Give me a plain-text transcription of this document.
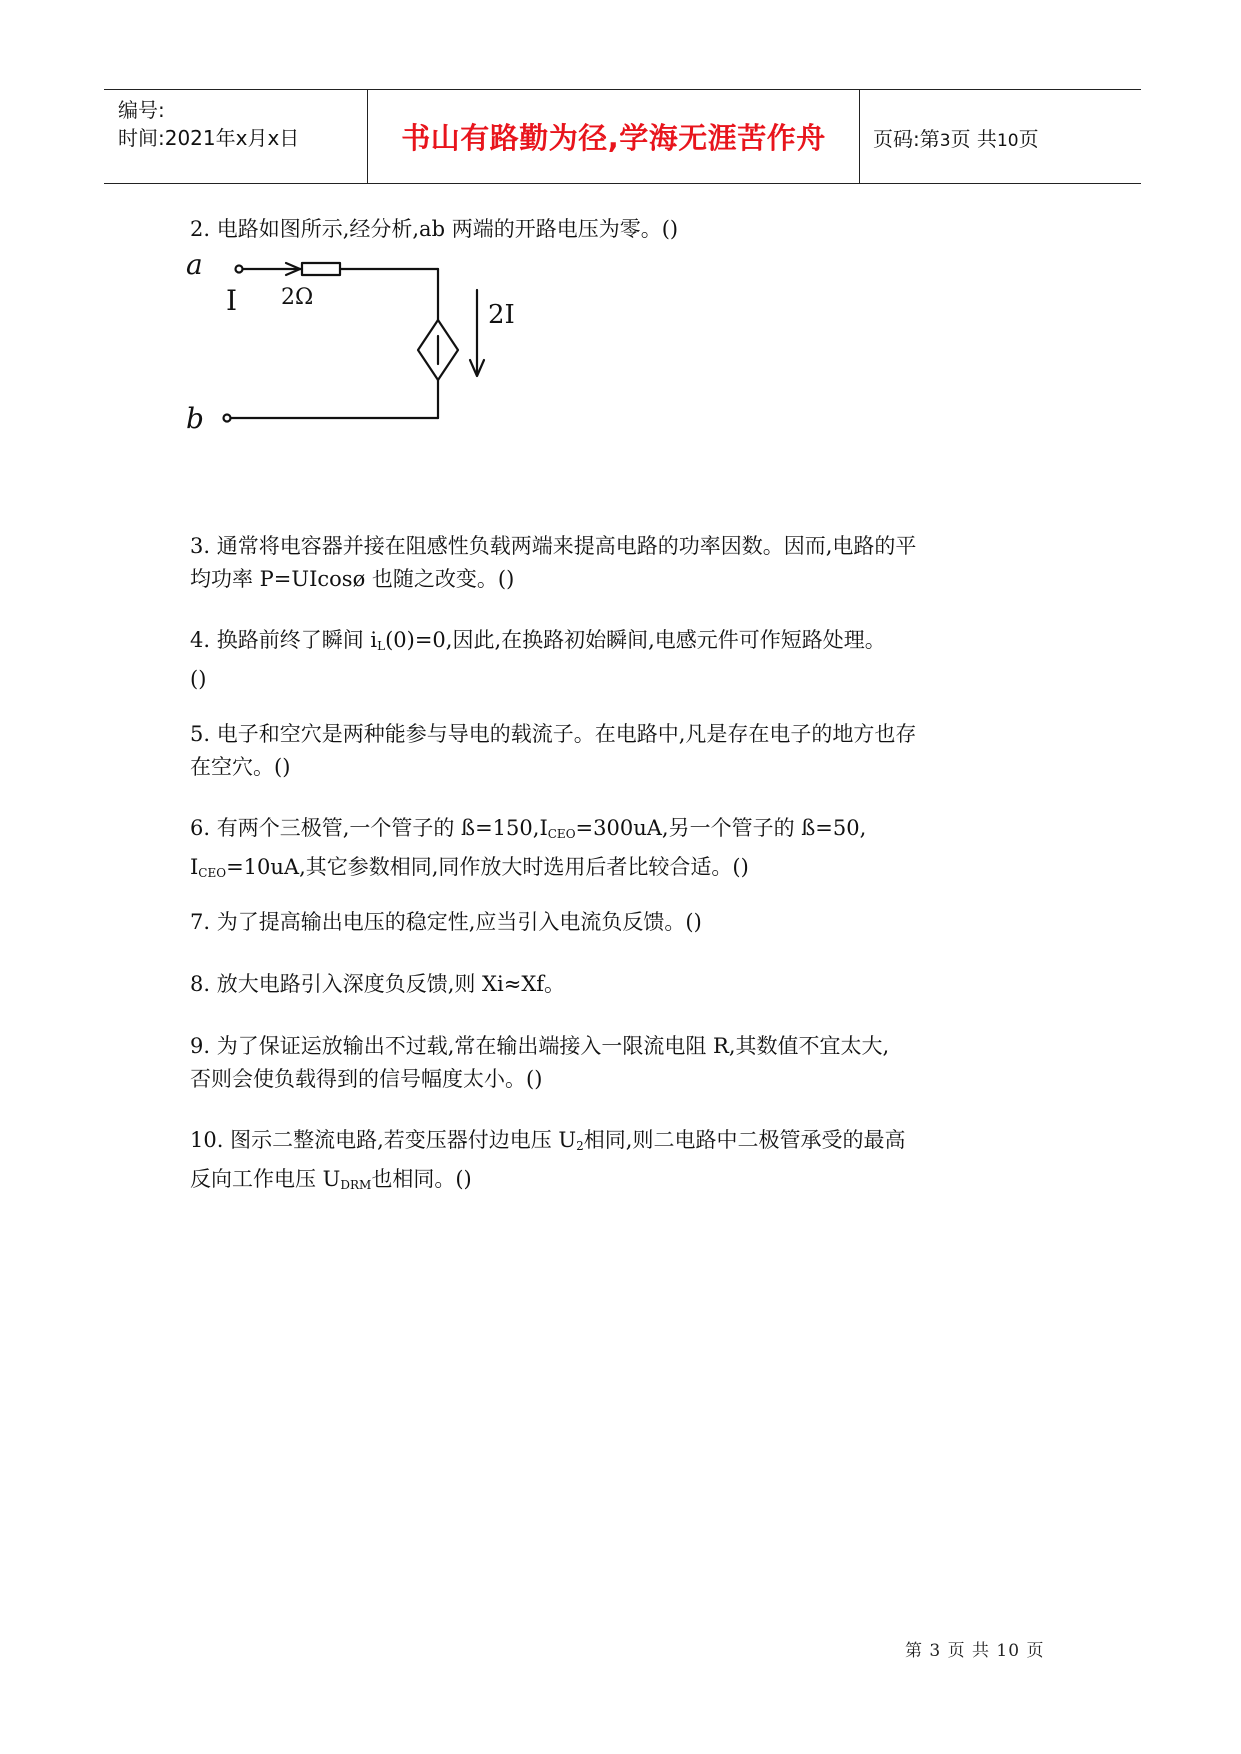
编号:
时间:2021年x月x日	书山有路勤为径,学海无涯苦作舟	页码:第3页 共10页
2. 电路如图所示,经分析,ab 两端的开路电压为零。()
a
b
I 2Ω
2I
3. 通常将电容器并接在阻感性负载两端来提高电路的功率因数。因而,电路的平
均功率 P=UIcosø 也随之改变。()
4. 换路前终了瞬间 $i_L(0)=0$,因此,在换路初始瞬间,电感元件可作短路处理。
()
5. 电子和空穴是两种能参与导电的载流子。在电路中,凡是存在电子的地方也存
在空穴。()
6. 有两个三极管,一个管子的 $ß=150,I_{CEO}=300uA$,另一个管子的 ß=50,
$I_{CEO}=10uA$,其它参数相同,同作放大时选用后者比较合适。()
7. 为了提高输出电压的稳定性,应当引入电流负反馈。()
8. 放大电路引入深度负反馈,则 Xi≈Xf。
9. 为了保证运放输出不过载,常在输出端接入一限流电阻 R,其数值不宜太大,
否则会使负载得到的信号幅度太小。()
10. 图示二整流电路,若变压器付边电压 $U_2$相同,则二电路中二极管承受的最高
反向工作电压 $U_{DRM}$也相同。()
第 3 页 共 10 页
